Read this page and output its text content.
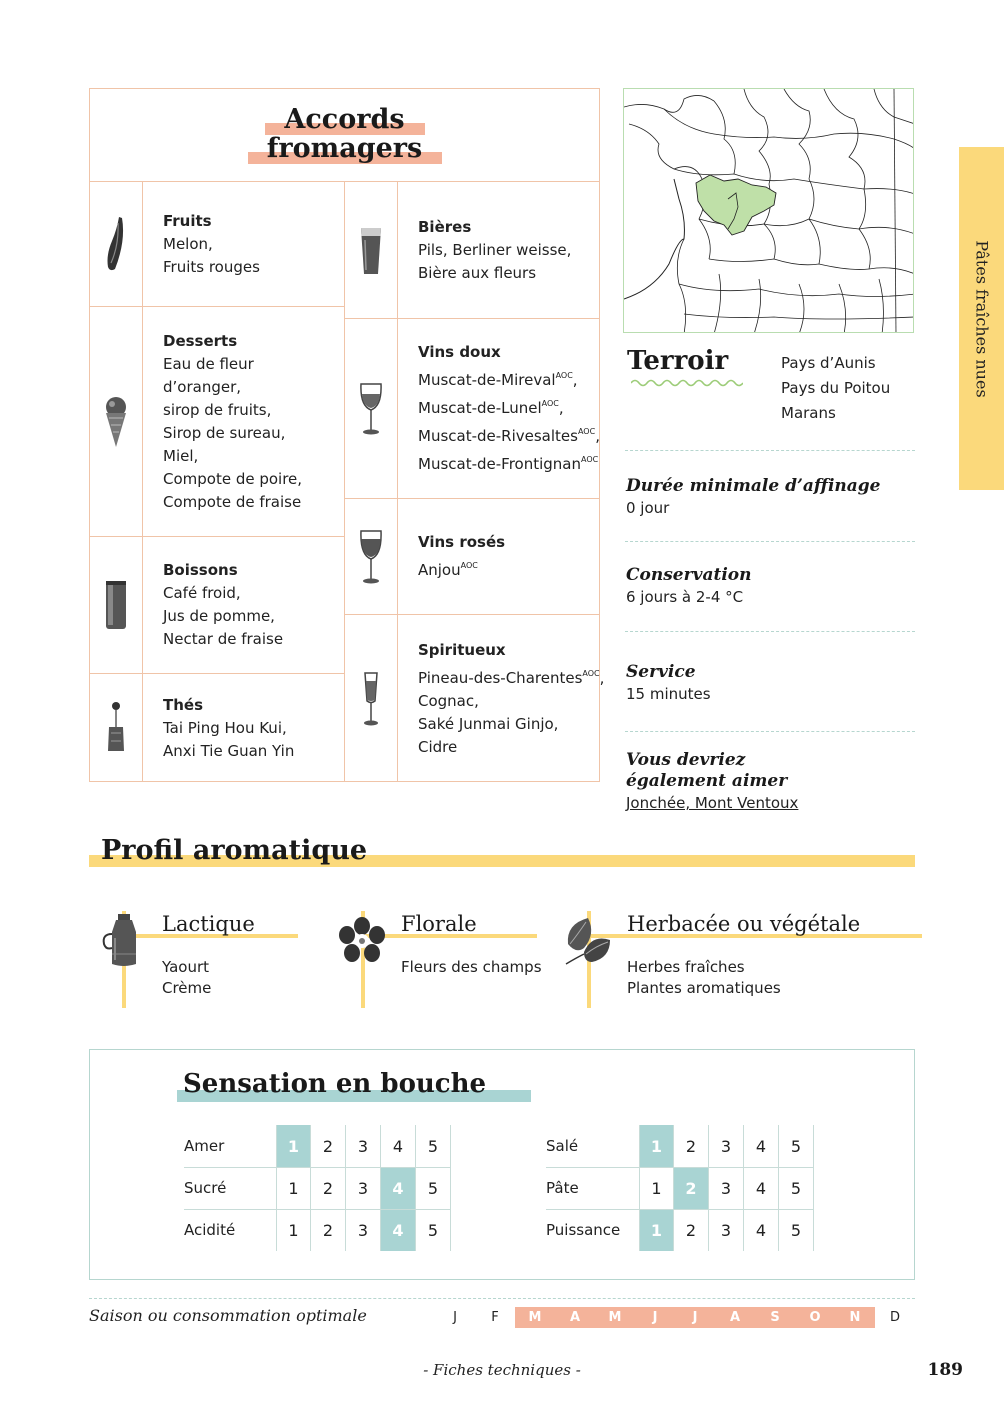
Accords
fromagers
Fruits
Melon,
Fruits rouges
Desserts
Eau de fleur
d’oranger,
sirop de fruits,
Sirop de sureau,
Miel,
Compote de poire,
Compote de fraise
Boissons
Café froid,
Jus de pomme,
Nectar de fraise
Thés
Tai Ping Hou Kui,
Anxi Tie Guan Yin
Bières
Pils, Berliner weisse,
Bière aux fleurs
Vins doux
Muscat-de-Mireval$^{AOC}$,
Muscat-de-Lunel$^{AOC}$,
Muscat-de-Rivesaltes$^{AOC}$,
Muscat-de-Frontignan$^{AOC}$
Vins rosés
Anjou$^{AOC}$
Spiritueux
Pineau-des-Charentes$^{AOC}$,
Cognac,
Saké Junmai Ginjo,
Cidre
Pâtes fraîches nues
Terroir	Pays d’Aunis
Pays du Poitou
Marans
Durée minimale d’affinage
0 jour
Conservation
6 jours à 2-4 °C
Service
15 minutes
Vous devriez
également aimer
Jonchée, Mont Ventoux
Profil aromatique
Lactique
Yaourt
Crème
Florale
Fleurs des champs
Herbacée ou végétale
Herbes fraîches
Plantes aromatiques
Sensation en bouche
Amer	1	2	3	4	5
Sucré	1	2	3	4	5
Acidité	1	2	3	4	5
Salé	1	2	3	4	5
Pâte	1	2	3	4	5
Puissance	1	2	3	4	5
Saison ou consommation optimale	J	F	M	A	M	J	J	A	S	O	N	D
- Fiches techniques -	189
